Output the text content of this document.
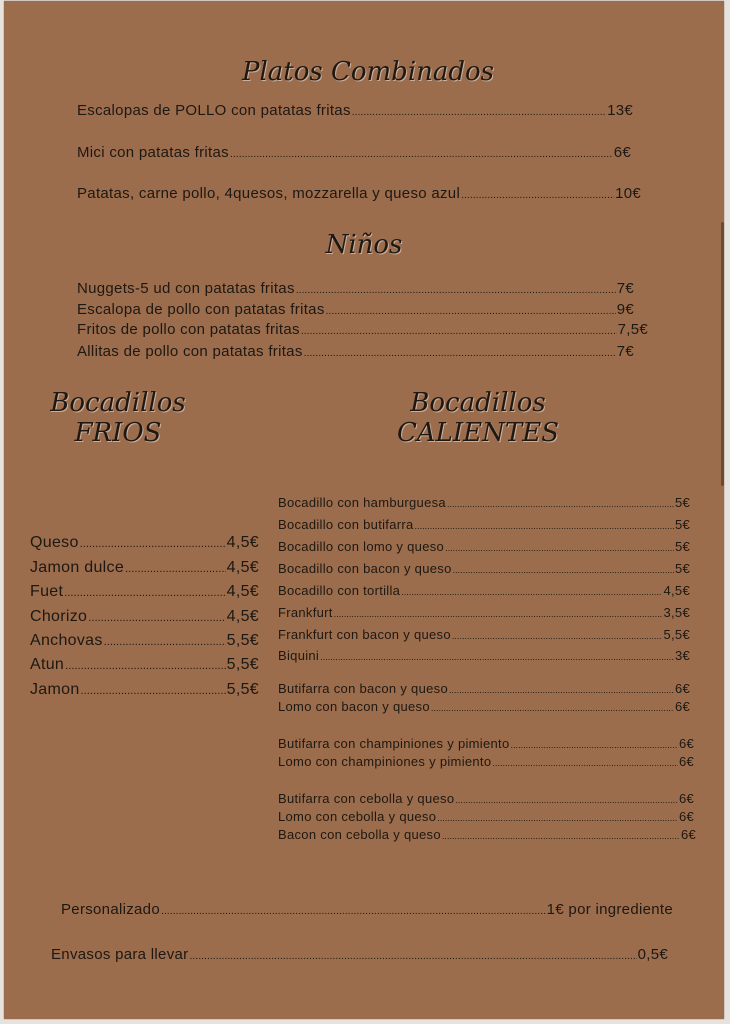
Platos Combinados
Escalopas de POLLO con patatas fritas .....	13€
Mici con patatas fritas .....	6€
Patatas, carne pollo, 4quesos, mozzarella y queso azul .....	10€
Niños
Nuggets-5 ud con patatas fritas .....	7€
Escalopa de pollo con patatas fritas .....	9€
Fritos de pollo con patatas fritas .....	7,5€
Allitas de pollo con patatas fritas .....	7€
Bocadillos
FRIOS
Bocadillos
CALIENTES
Queso .....	4,5€
Jamon dulce .....	4,5€
Fuet .....	4,5€
Chorizo .....	4,5€
Anchovas .....	5,5€
Atun .....	5,5€
Jamon .....	5,5€
Bocadillo con hamburguesa .....	5€
Bocadillo con butifarra .....	5€
Bocadillo con lomo y queso .....	5€
Bocadillo con bacon y queso .....	5€
Bocadillo con tortilla .....	4,5€
Frankfurt .....	3,5€
Frankfurt con bacon y queso .....	5,5€
Biquini .....	3€
Butifarra con bacon y queso .....	6€
Lomo con bacon y queso .....	6€
Butifarra con champiniones y pimiento .....	6€
Lomo con champiniones y pimiento .....	6€
Butifarra con cebolla y queso .....	6€
Lomo con cebolla y queso .....	6€
Bacon con cebolla y queso .....	6€
Personalizado .....	1€ por ingrediente
Envasos para llevar .....	0,5€
